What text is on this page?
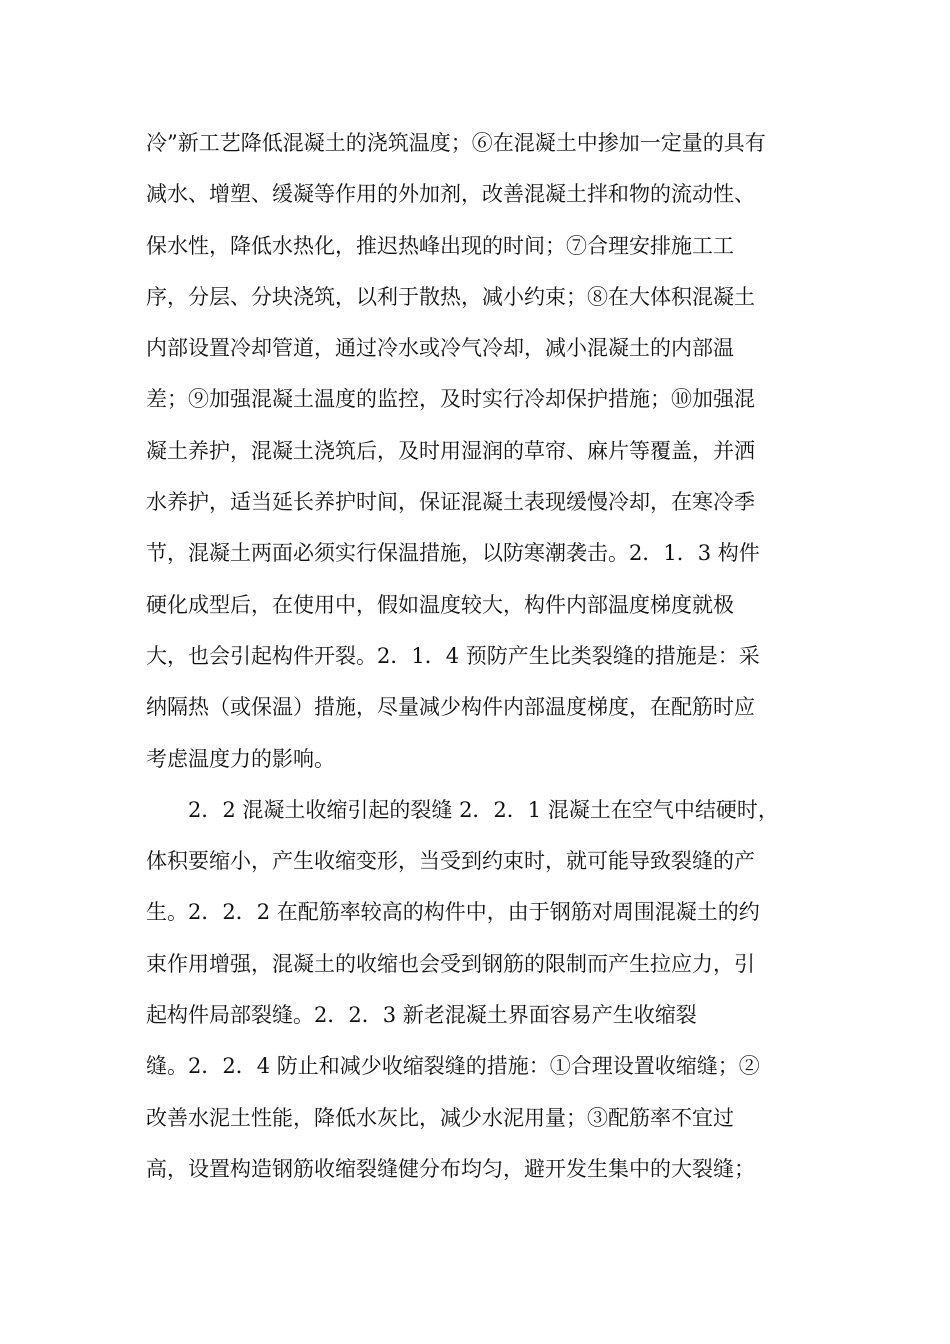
冷”新工艺降低混凝土的浇筑温度；⑥在混凝土中掺加一定量的具有
减水、增塑、缓凝等作用的外加剂，改善混凝土拌和物的流动性、
保水性，降低水热化，推迟热峰出现的时间；⑦合理安排施工工
序，分层、分块浇筑，以利于散热，减小约束；⑧在大体积混凝土
内部设置冷却管道，通过冷水或冷气冷却，减小混凝土的内部温
差；⑨加强混凝土温度的监控，及时实行冷却保护措施；⑩加强混
凝土养护，混凝土浇筑后，及时用湿润的草帘、麻片等覆盖，并洒
水养护，适当延长养护时间，保证混凝土表现缓慢冷却，在寒冷季
节，混凝土两面必须实行保温措施，以防寒潮袭击。2．1．3 构件
硬化成型后，在使用中，假如温度较大，构件内部温度梯度就极
大，也会引起构件开裂。2．1．4 预防产生比类裂缝的措施是：采
纳隔热（或保温）措施，尽量减少构件内部温度梯度，在配筋时应
考虑温度力的影响。
2．2 混凝土收缩引起的裂缝 2．2．1 混凝土在空气中结硬时，
体积要缩小，产生收缩变形，当受到约束时，就可能导致裂缝的产
生。2．2．2 在配筋率较高的构件中，由于钢筋对周围混凝土的约
束作用增强，混凝土的收缩也会受到钢筋的限制而产生拉应力，引
起构件局部裂缝。2．2．3 新老混凝土界面容易产生收缩裂
缝。2．2．4 防止和减少收缩裂缝的措施：①合理设置收缩缝；②
改善水泥土性能，降低水灰比，减少水泥用量；③配筋率不宜过
高，设置构造钢筋收缩裂缝健分布均匀，避开发生集中的大裂缝；
